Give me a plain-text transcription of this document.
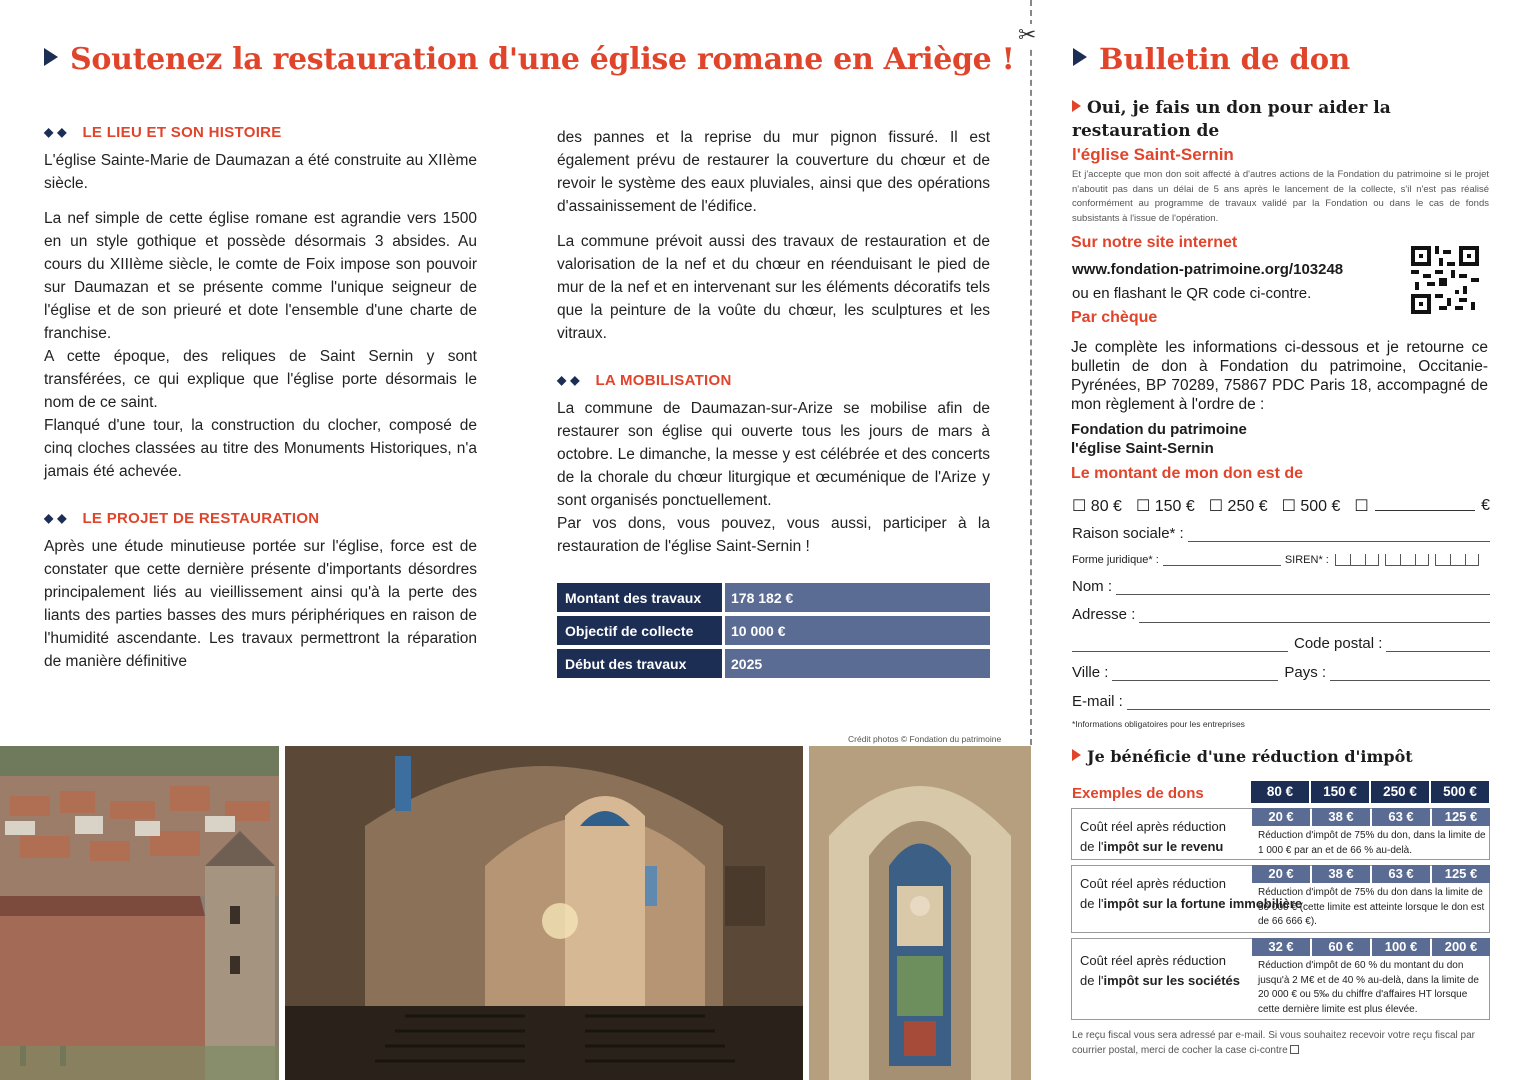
Soutenez la restauration d'une église romane en Ariège !
◆◆ LE LIEU ET SON HISTOIRE

L'église Sainte-Marie de Daumazan a été construite au XIIème siècle.

La nef simple de cette église romane est agrandie vers 1500 en un style gothique et possède désormais 3 absides. Au cours du XIIIème siècle, le comte de Foix impose son pouvoir sur Daumazan et se présente comme l'unique seigneur de l'église et de son prieuré et dote l'ensemble d'une charte de franchise.

A cette époque, des reliques de Saint Sernin y sont transférées, ce qui explique que l'église porte désormais le nom de ce saint.

Flanqué d'une tour, la construction du clocher, composé de cinq cloches classées au titre des Monuments Historiques, n'a jamais été achevée.

◆◆ LE PROJET DE RESTAURATION

Après une étude minutieuse portée sur l'église, force est de constater que cette dernière présente d'importants désordres principalement liés au vieillissement ainsi qu'à la perte des liants des parties basses des murs périphériques en raison de l'humidité ascendante. Les travaux permettront la réparation de manière définitive

des pannes et la reprise du mur pignon fissuré. Il est également prévu de restaurer la couverture du chœur et de revoir le système des eaux pluviales, ainsi que des opérations d'assainissement de l'édifice.

La commune prévoit aussi des travaux de restauration et de valorisation de la nef et du chœur en réenduisant le pied de mur de la nef et en intervenant sur les éléments décoratifs tels que la peinture de la voûte du chœur, les sculptures et les vitraux.

◆◆ LA MOBILISATION

La commune de Daumazan-sur-Arize se mobilise afin de restaurer son église qui ouverte tous les jours de mars à octobre. Le dimanche, la messe y est célébrée et des concerts de la chorale du chœur liturgique et œcuménique de l'Arize y sont organisés ponctuellement.

Par vos dons, vous pouvez, vous aussi, participer à la restauration de l'église Saint-Sernin !

Montant des travaux	178 182 €
Objectif de collecte	10 000 €
Début des travaux	2025
Crédit photos © Fondation du patrimoine
✂
Bulletin de don
Oui, je fais un don pour aider la restauration de
l'église Saint-Sernin
Et j'accepte que mon don soit affecté à d'autres actions de la Fondation du patrimoine si le projet n'aboutit pas dans un délai de 5 ans après le lancement de la collecte, s'il n'est pas réalisé conformément au programme de travaux validé par la Fondation ou dans le cas de fonds subsistants à l'issue de l'opération.
Sur notre site internet
www.fondation-patrimoine.org/103248
ou en flashant le QR code ci-contre.
Par chèque
Je complète les informations ci-dessous et je retourne ce bulletin de don à Fondation du patrimoine, Occitanie-Pyrénées, BP 70289, 75867 PDC Paris 18, accompagné de mon règlement à l'ordre de :
Fondation du patrimoine
l'église Saint-Sernin
Le montant de mon don est de
☐ 80 € ☐ 150 € ☐ 250 € ☐ 500 € ☐	€
Raison sociale* :
Forme juridique* :	SIREN* :
Nom :
Adresse :
Code postal :
Ville :	Pays :
E-mail :
*Informations obligatoires pour les entreprises
Je bénéficie d'une réduction d'impôt
Exemples de dons	80 €	150 €	250 €	500 €
Coût réel après réduction
de l'impôt sur le revenu
20 €	38 €	63 €	125 €
Réduction d'impôt de 75% du don, dans la limite de 1 000 € par an et de 66 % au-delà.
Coût réel après réduction
de l'impôt sur la fortune immobilière
20 €	38 €	63 €	125 €
Réduction d'impôt de 75% du don dans la limite de 50 000 € (cette limite est atteinte lorsque le don est de 66 666 €).
Coût réel après réduction
de l'impôt sur les sociétés
32 €	60 €	100 €	200 €
Réduction d'impôt de 60 % du montant du don jusqu'à 2 M€ et de 40 % au-delà, dans la limite de 20 000 € ou 5‰ du chiffre d'affaires HT lorsque cette dernière limite est plus élevée.
Le reçu fiscal vous sera adressé par e-mail. Si vous souhaitez recevoir votre reçu fiscal par courrier postal, merci de cocher la case ci-contre
